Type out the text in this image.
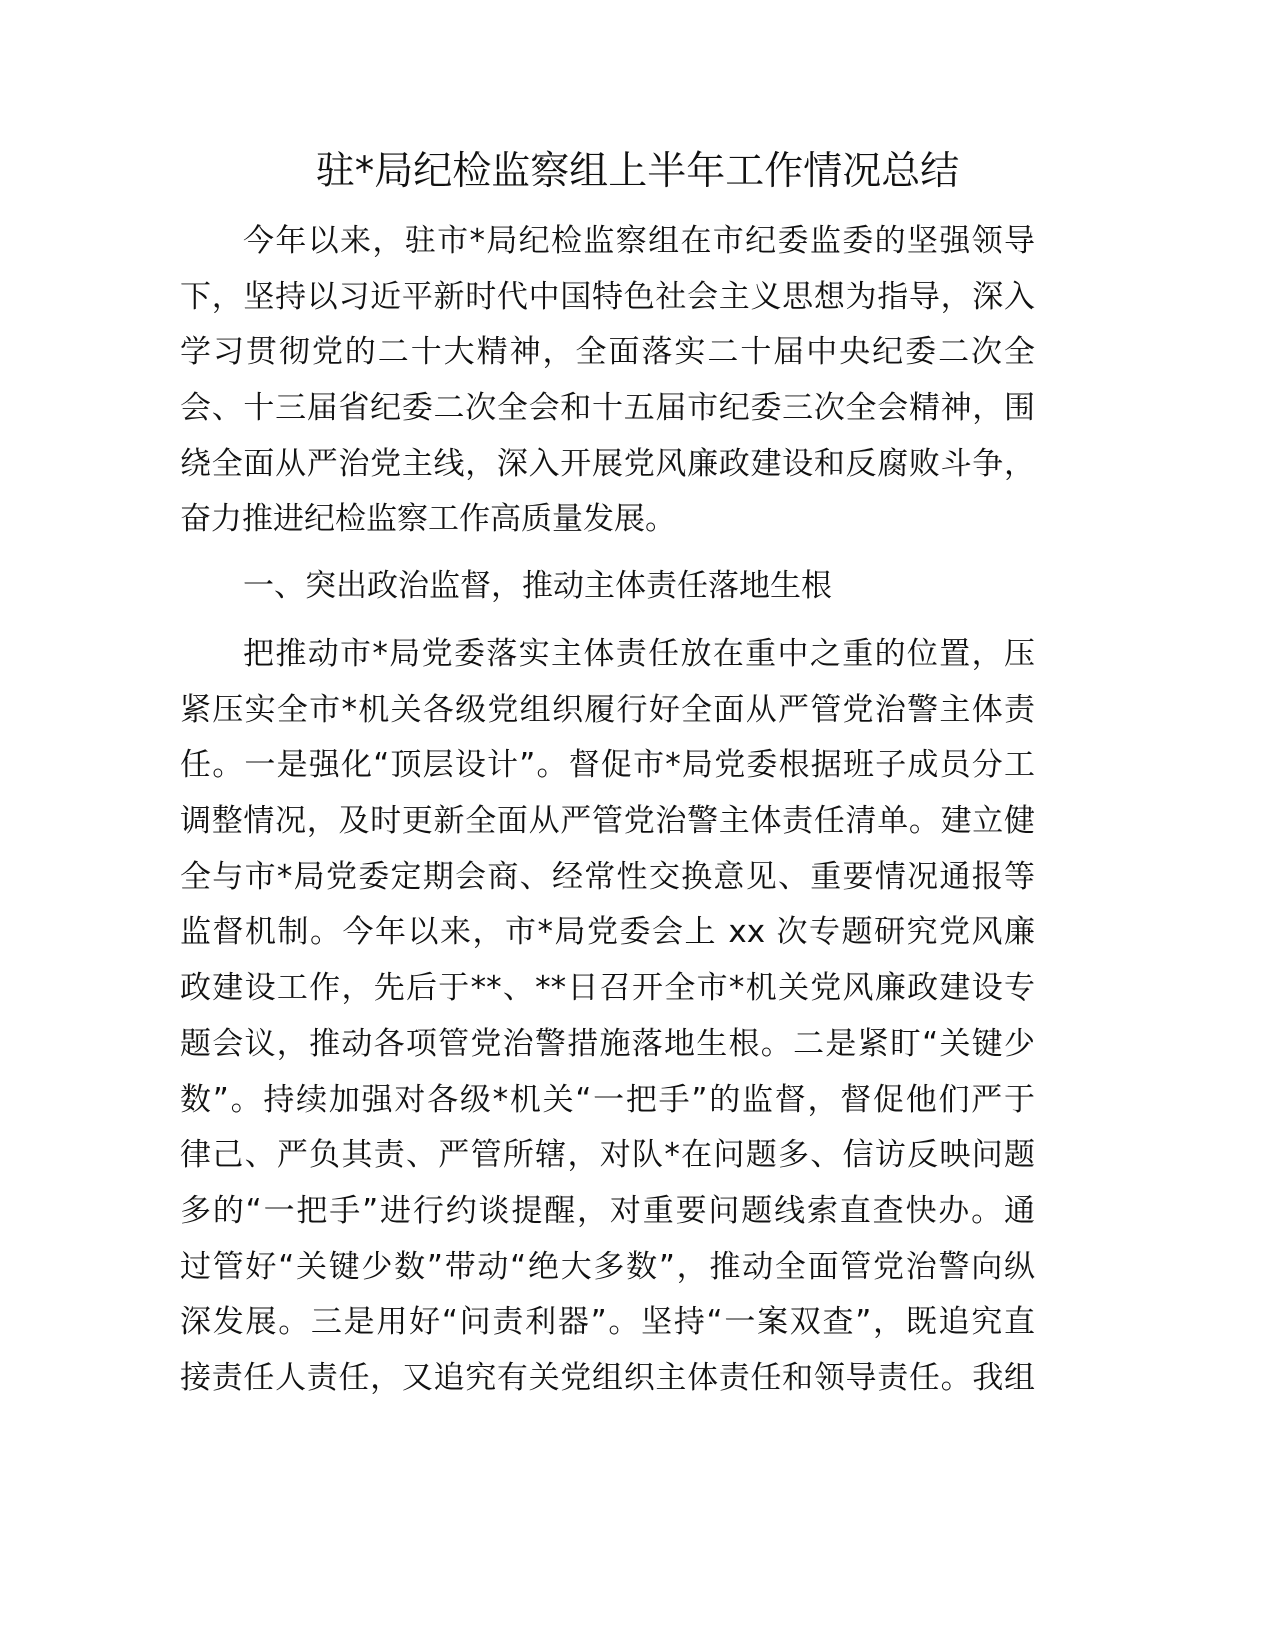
驻*局纪检监察组上半年工作情况总结
今年以来，驻市*局纪检监察组在市纪委监委的坚强领导
下，坚持以习近平新时代中国特色社会主义思想为指导，深入
学习贯彻党的二十大精神，全面落实二十届中央纪委二次全
会、十三届省纪委二次全会和十五届市纪委三次全会精神，围
绕全面从严治党主线，深入开展党风廉政建设和反腐败斗争，
奋力推进纪检监察工作高质量发展。
一、突出政治监督，推动主体责任落地生根
把推动市*局党委落实主体责任放在重中之重的位置，压
紧压实全市*机关各级党组织履行好全面从严管党治警主体责
任。一是强化“顶层设计”。督促市*局党委根据班子成员分工
调整情况，及时更新全面从严管党治警主体责任清单。建立健
全与市*局党委定期会商、经常性交换意见、重要情况通报等
监督机制。今年以来，市*局党委会上 xx 次专题研究党风廉
政建设工作，先后于**、**日召开全市*机关党风廉政建设专
题会议，推动各项管党治警措施落地生根。二是紧盯“关键少
数”。持续加强对各级*机关“一把手”的监督，督促他们严于
律己、严负其责、严管所辖，对队*在问题多、信访反映问题
多的“一把手”进行约谈提醒，对重要问题线索直查快办。通
过管好“关键少数”带动“绝大多数”，推动全面管党治警向纵
深发展。三是用好“问责利器”。坚持“一案双查”，既追究直
接责任人责任，又追究有关党组织主体责任和领导责任。我组
